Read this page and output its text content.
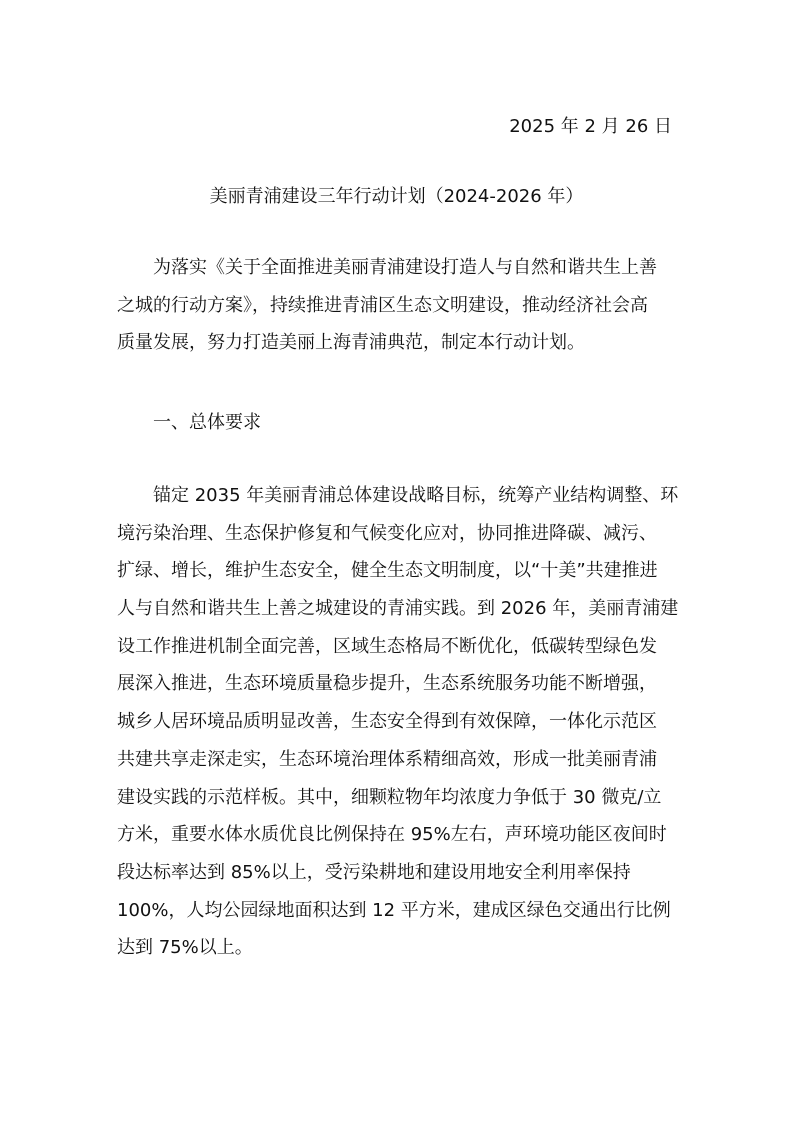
2025 年 2 月 26 日
美丽青浦建设三年行动计划（2024-2026 年）
为落实《关于全面推进美丽青浦建设打造人与自然和谐共生上善
之城的行动方案》，持续推进青浦区生态文明建设，推动经济社会高
质量发展，努力打造美丽上海青浦典范，制定本行动计划。
一、总体要求
锚定 2035 年美丽青浦总体建设战略目标，统筹产业结构调整、环
境污染治理、生态保护修复和气候变化应对，协同推进降碳、减污、
扩绿、增长，维护生态安全，健全生态文明制度，以“十美”共建推进
人与自然和谐共生上善之城建设的青浦实践。到 2026 年，美丽青浦建
设工作推进机制全面完善，区域生态格局不断优化，低碳转型绿色发
展深入推进，生态环境质量稳步提升，生态系统服务功能不断增强，
城乡人居环境品质明显改善，生态安全得到有效保障，一体化示范区
共建共享走深走实，生态环境治理体系精细高效，形成一批美丽青浦
建设实践的示范样板。其中，细颗粒物年均浓度力争低于 30 微克/立
方米，重要水体水质优良比例保持在 95%左右，声环境功能区夜间时
段达标率达到 85%以上，受污染耕地和建设用地安全利用率保持
100%，人均公园绿地面积达到 12 平方米，建成区绿色交通出行比例
达到 75%以上。
